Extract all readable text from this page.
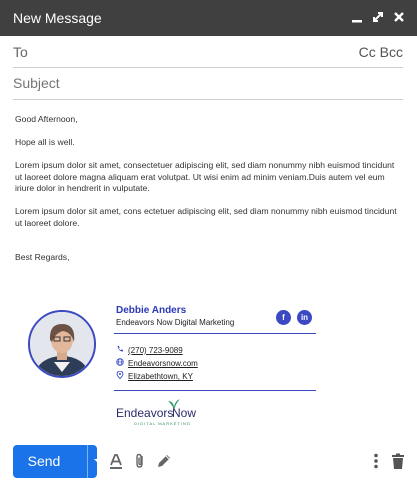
New Message
To	Cc Bcc
Subject

Good Afternoon,

Hope all is well.

Lorem ipsum dolor sit amet, consectetuer adipiscing elit, sed diam nonummy nibh euismod tincidunt ut laoreet dolore magna aliquam erat volutpat. Ut wisi enim ad minim veniam.Duis autem vel eum iriure dolor in hendrerit in vulputate.

Lorem ipsum dolor sit amet, cons ectetuer adipiscing elit, sed diam nonummy nibh euismod tincidunt ut laoreet dolore.

Best Regards,

Debbie Anders
Endeavors Now Digital Marketing
f	in
(270) 723-9089
Endeavorsnow.com
Elizabethtown, KY
Endeavors
Now
DIGITAL MARKETING
Send
